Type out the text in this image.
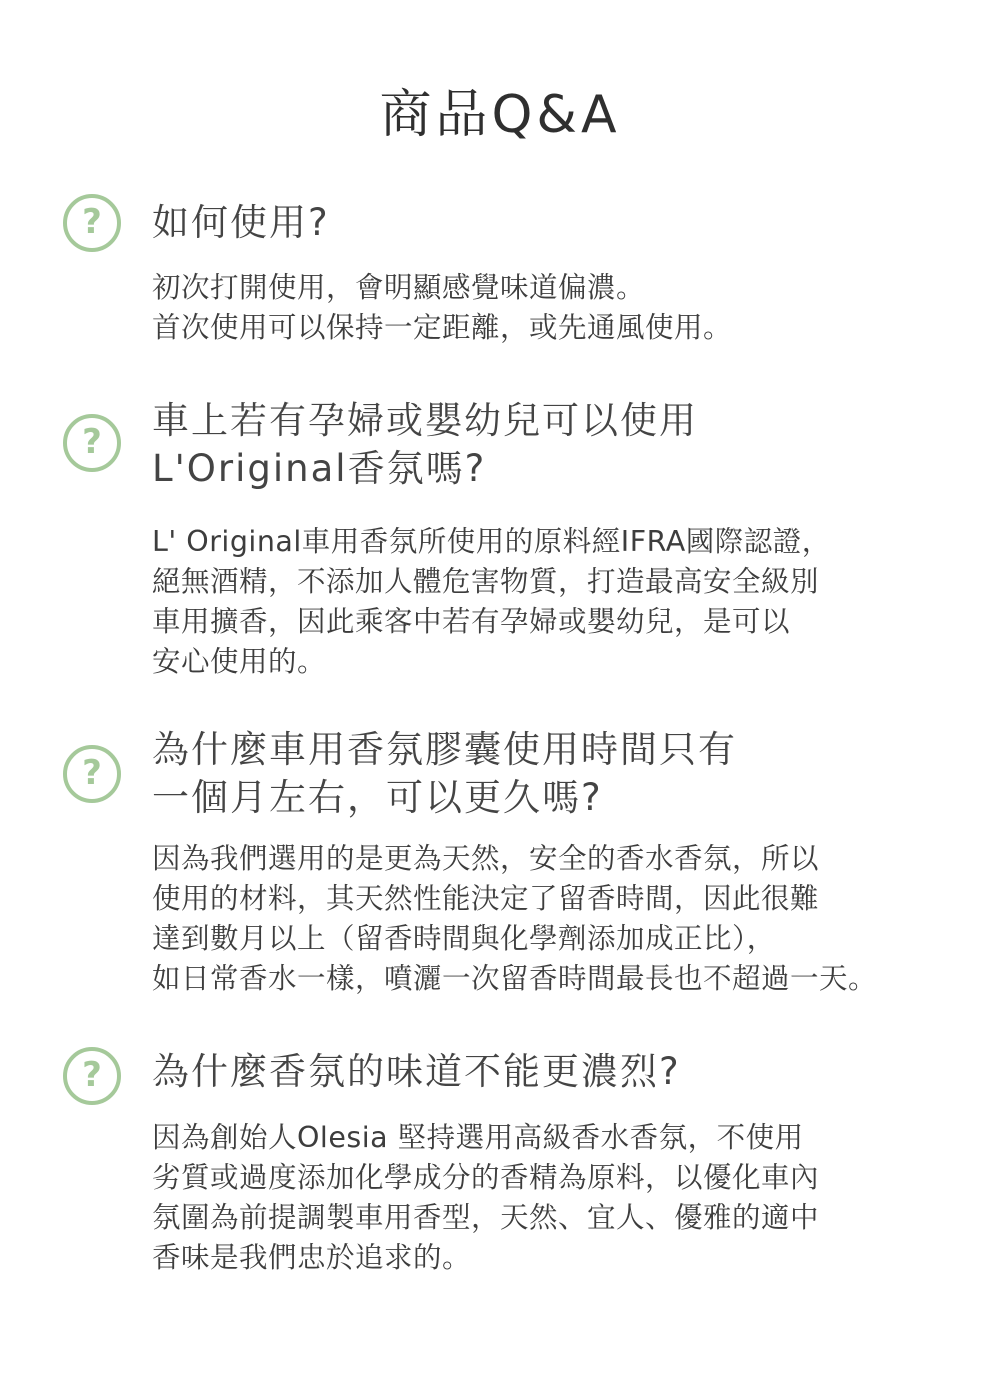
商品Q&A
? 如何使用?

初次打開使用，會明顯感覺味道偏濃。
首次使用可以保持一定距離，或先通風使用。

? 車上若有孕婦或嬰幼兒可以使用
L'Original香氛嗎?

L' Original車用香氛所使用的原料經IFRA國際認證，
絕無酒精，不添加人體危害物質，打造最高安全級別
車用擴香，因此乘客中若有孕婦或嬰幼兒，是可以
安心使用的。

?
為什麼車用香氛膠囊使用時間只有
一個月左右，可以更久嗎?

因為我們選用的是更為天然，安全的香水香氛，所以
使用的材料，其天然性能決定了留香時間，因此很難
達到數月以上（留香時間與化學劑添加成正比），
如日常香水一樣，噴灑一次留香時間最長也不超過一天。

? 為什麼香氛的味道不能更濃烈?

因為創始人Olesia 堅持選用高級香水香氛，不使用
劣質或過度添加化學成分的香精為原料，以優化車內
氛圍為前提調製車用香型，天然、宜人、優雅的適中
香味是我們忠於追求的。
